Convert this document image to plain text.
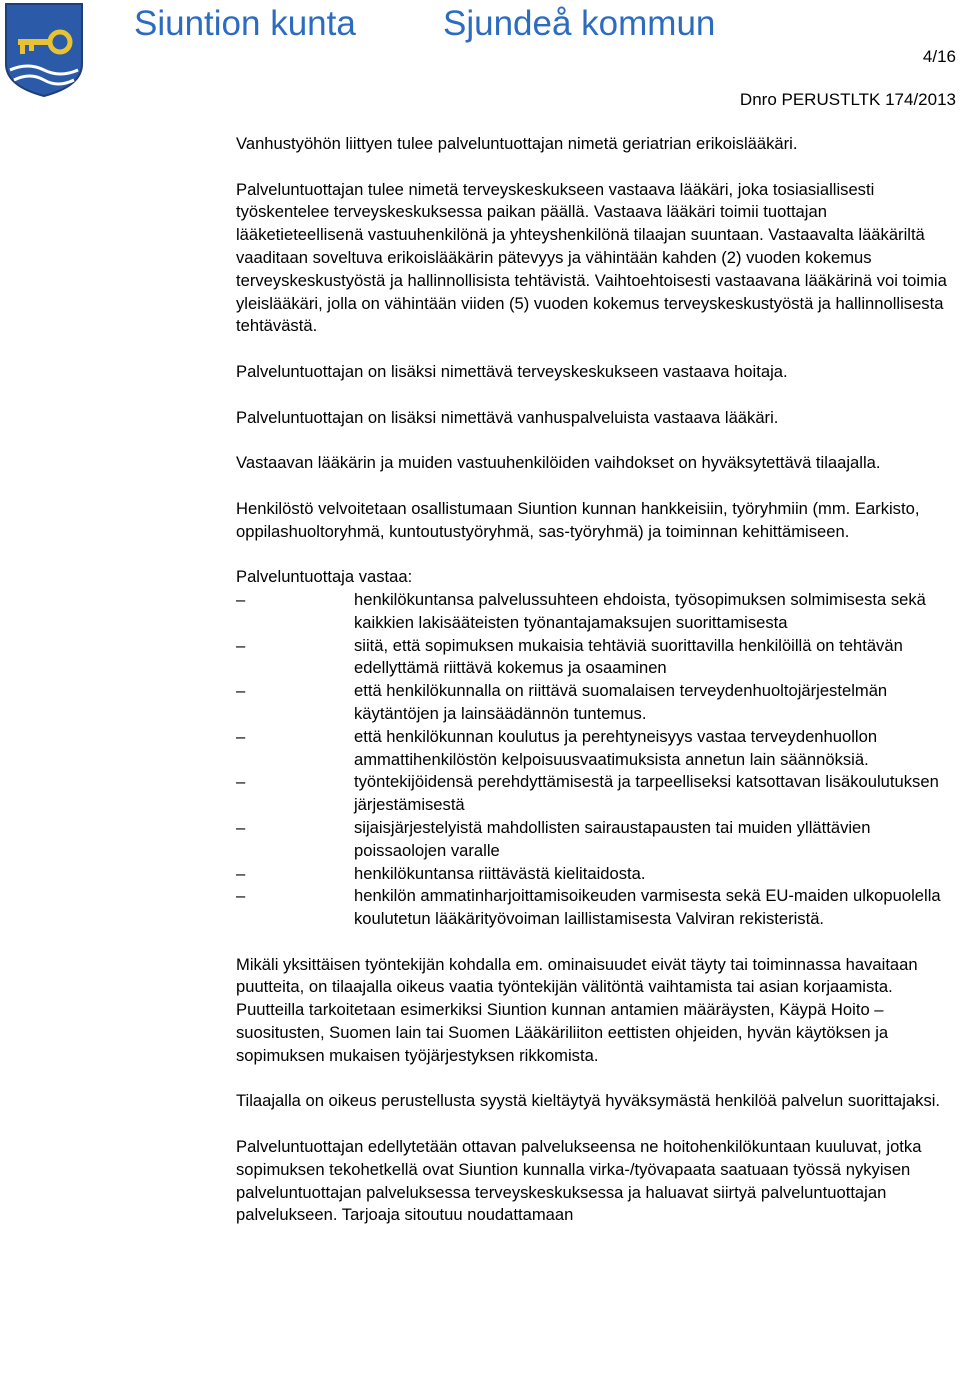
Siuntion kunta Sjundeå kommun
4/16
Dnro PERUSTLTK 174/2013

Vanhustyöhön liittyen tulee palveluntuottajan nimetä geriatrian erikoislääkäri.

Palveluntuottajan tulee nimetä terveyskeskukseen vastaava lääkäri, joka tosiasiallisesti työskentelee terveyskeskuksessa paikan päällä. Vastaava lääkäri toimii tuottajan lääketieteellisenä vastuuhenkilönä ja yhteyshenkilönä tilaajan suuntaan. Vastaavalta lääkäriltä vaaditaan soveltuva erikoislääkärin pätevyys ja vähintään kahden (2) vuoden kokemus terveyskeskustyöstä ja hallinnollisista tehtävistä. Vaihtoehtoisesti vastaavana lääkärinä voi toimia yleislääkäri, jolla on vähintään viiden (5) vuoden kokemus terveyskeskustyöstä ja hallinnollisesta tehtävästä.

Palveluntuottajan on lisäksi nimettävä terveyskeskukseen vastaava hoitaja.

Palveluntuottajan on lisäksi nimettävä vanhuspalveluista vastaava lääkäri.

Vastaavan lääkärin ja muiden vastuuhenkilöiden vaihdokset on hyväksytettävä tilaajalla.

Henkilöstö velvoitetaan osallistumaan Siuntion kunnan hankkeisiin, työryhmiin (mm. Earkisto, oppilashuoltoryhmä, kuntoutustyöryhmä, sas-työryhmä) ja toiminnan kehittämiseen.

Palveluntuottaja vastaa:

–	henkilökuntansa palvelussuhteen ehdoista, työsopimuksen solmimisesta sekä kaikkien lakisääteisten työnantajamaksujen suorittamisesta
–	siitä, että sopimuksen mukaisia tehtäviä suorittavilla henkilöillä on tehtävän edellyttämä riittävä kokemus ja osaaminen
–	että henkilökunnalla on riittävä suomalaisen terveydenhuoltojärjestelmän käytäntöjen ja lainsäädännön tuntemus.
–	että henkilökunnan koulutus ja perehtyneisyys vastaa terveydenhuollon ammattihenkilöstön kelpoisuusvaatimuksista annetun lain säännöksiä.
–	työntekijöidensä perehdyttämisestä ja tarpeelliseksi katsottavan lisäkoulutuksen järjestämisestä
–	sijaisjärjestelyistä mahdollisten sairaustapausten tai muiden yllättävien poissaolojen varalle
–	henkilökuntansa riittävästä kielitaidosta.
–	henkilön ammatinharjoittamisoikeuden varmisesta sekä EU-maiden ulkopuolella koulutetun lääkärityövoiman laillistamisesta Valviran rekisteristä.

Mikäli yksittäisen työntekijän kohdalla em. ominaisuudet eivät täyty tai toiminnassa havaitaan puutteita, on tilaajalla oikeus vaatia työntekijän välitöntä vaihtamista tai asian korjaamista. Puutteilla tarkoitetaan esimerkiksi Siuntion kunnan antamien määräysten, Käypä Hoito –suositusten, Suomen lain tai Suomen Lääkäriliiton eettisten ohjeiden, hyvän käytöksen ja sopimuksen mukaisen työjärjestyksen rikkomista.

Tilaajalla on oikeus perustellusta syystä kieltäytyä hyväksymästä henkilöä palvelun suorittajaksi.

Palveluntuottajan edellytetään ottavan palvelukseensa ne hoitohenkilökuntaan kuuluvat, jotka sopimuksen tekohetkellä ovat Siuntion kunnalla virka-/työvapaata saatuaan työssä nykyisen palveluntuottajan palveluksessa terveyskeskuksessa ja haluavat siirtyä palveluntuottajan palvelukseen. Tarjoaja sitoutuu noudattamaan
